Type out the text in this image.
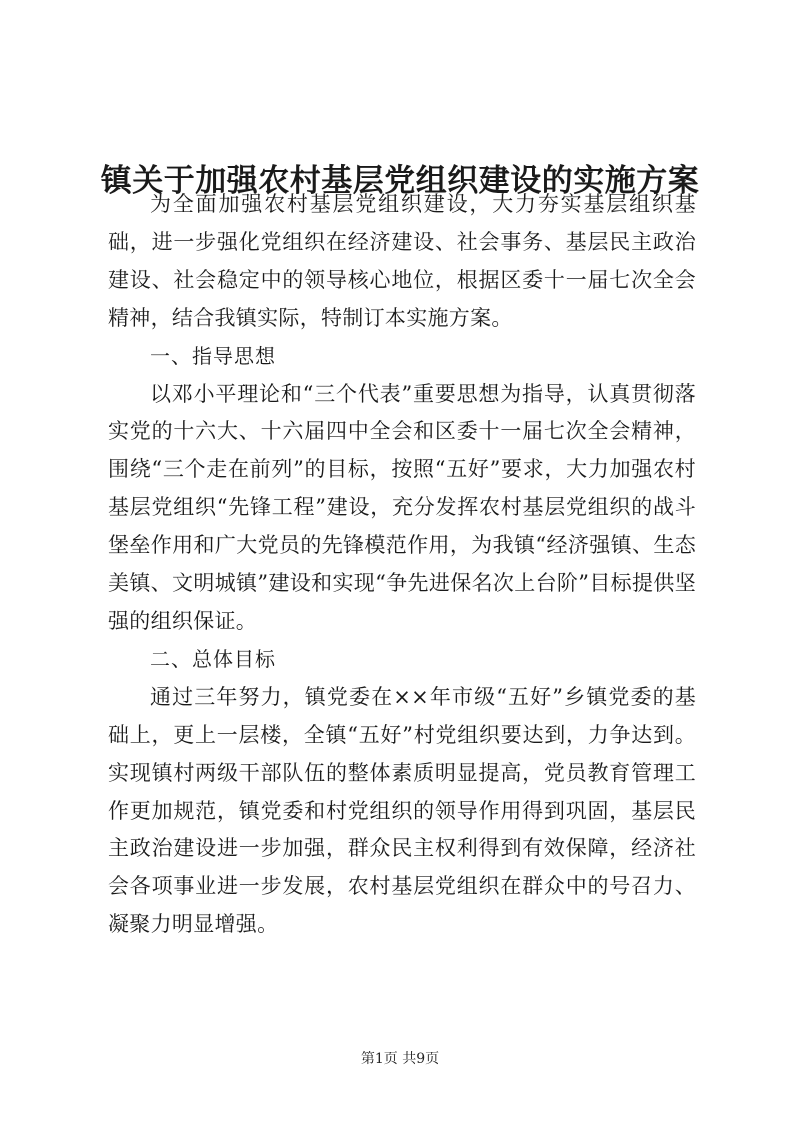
镇关于加强农村基层党组织建设的实施方案

为全面加强农村基层党组织建设，大力夯实基层组织基础，进一步强化党组织在经济建设、社会事务、基层民主政治建设、社会稳定中的领导核心地位，根据区委十一届七次全会精神，结合我镇实际，特制订本实施方案。

一、指导思想

以邓小平理论和“三个代表”重要思想为指导，认真贯彻落实党的十六大、十六届四中全会和区委十一届七次全会精神，围绕“三个走在前列”的目标，按照“五好”要求，大力加强农村基层党组织“先锋工程”建设，充分发挥农村基层党组织的战斗堡垒作用和广大党员的先锋模范作用，为我镇“经济强镇、生态美镇、文明城镇”建设和实现“争先进保名次上台阶”目标提供坚强的组织保证。

二、总体目标

通过三年努力，镇党委在××年市级“五好”乡镇党委的基础上，更上一层楼，全镇“五好”村党组织要达到，力争达到。实现镇村两级干部队伍的整体素质明显提高，党员教育管理工作更加规范，镇党委和村党组织的领导作用得到巩固，基层民主政治建设进一步加强，群众民主权利得到有效保障，经济社会各项事业进一步发展，农村基层党组织在群众中的号召力、凝聚力明显增强。

第1页 共9页
